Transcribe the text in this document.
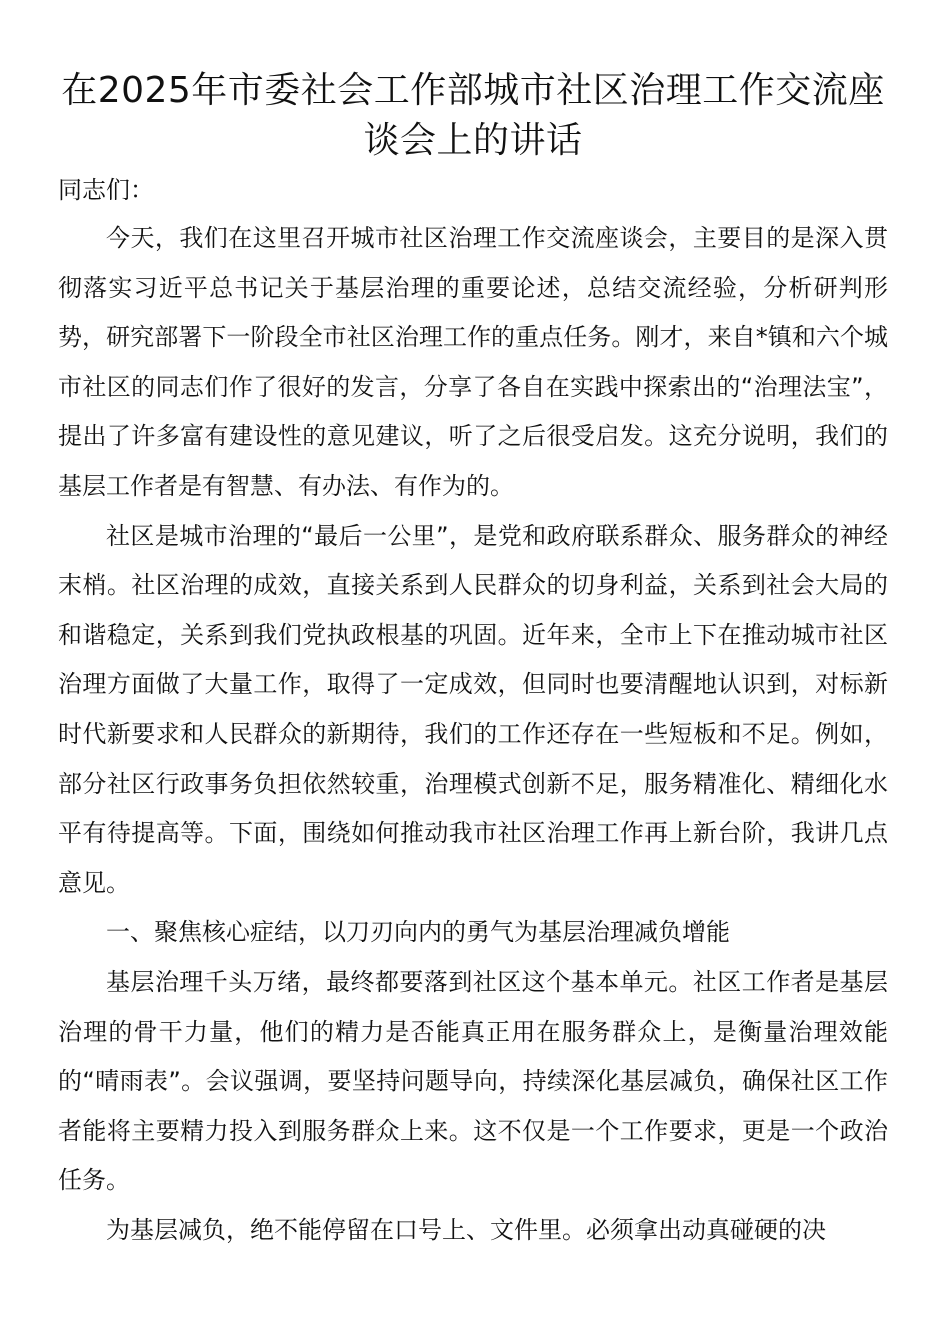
在2025年市委社会工作部城市社区治理工作交流座谈会上的讲话

同志们：

今天，我们在这里召开城市社区治理工作交流座谈会，主要目的是深入贯彻落实习近平总书记关于基层治理的重要论述，总结交流经验，分析研判形势，研究部署下一阶段全市社区治理工作的重点任务。刚才，来自*镇和六个城市社区的同志们作了很好的发言，分享了各自在实践中探索出的“治理法宝”，提出了许多富有建设性的意见建议，听了之后很受启发。这充分说明，我们的基层工作者是有智慧、有办法、有作为的。

社区是城市治理的“最后一公里”，是党和政府联系群众、服务群众的神经末梢。社区治理的成效，直接关系到人民群众的切身利益，关系到社会大局的和谐稳定，关系到我们党执政根基的巩固。近年来，全市上下在推动城市社区治理方面做了大量工作，取得了一定成效，但同时也要清醒地认识到，对标新时代新要求和人民群众的新期待，我们的工作还存在一些短板和不足。例如，部分社区行政事务负担依然较重，治理模式创新不足，服务精准化、精细化水平有待提高等。下面，围绕如何推动我市社区治理工作再上新台阶，我讲几点意见。

一、聚焦核心症结，以刀刃向内的勇气为基层治理减负增能

基层治理千头万绪，最终都要落到社区这个基本单元。社区工作者是基层治理的骨干力量，他们的精力是否能真正用在服务群众上，是衡量治理效能的“晴雨表”。会议强调，要坚持问题导向，持续深化基层减负，确保社区工作者能将主要精力投入到服务群众上来。这不仅是一个工作要求，更是一个政治任务。

为基层减负，绝不能停留在口号上、文件里。必须拿出动真碰硬的决
